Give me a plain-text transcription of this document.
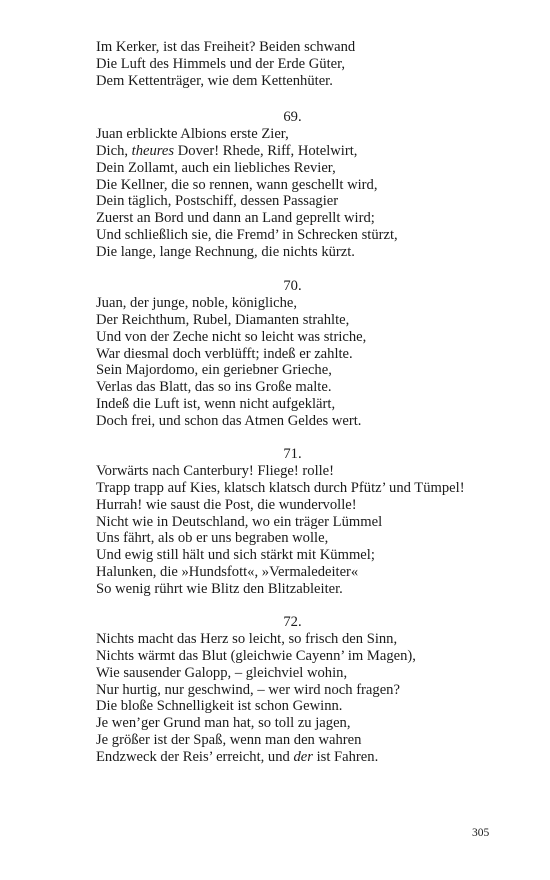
Im Kerker, ist das Freiheit? Beiden schwand
Die Luft des Himmels und der Erde Güter,
Dem Kettenträger, wie dem Kettenhüter.
69.
Juan erblickte Albions erste Zier,
Dich, theures Dover! Rhede, Riff, Hotelwirt,
Dein Zollamt, auch ein liebliches Revier,
Die Kellner, die so rennen, wann geschellt wird,
Dein täglich, Postschiff, dessen Passagier
Zuerst an Bord und dann an Land geprellt wird;
Und schließlich sie, die Fremd’ in Schrecken stürzt,
Die lange, lange Rechnung, die nichts kürzt.
70.
Juan, der junge, noble, königliche,
Der Reichthum, Rubel, Diamanten strahlte,
Und von der Zeche nicht so leicht was striche,
War diesmal doch verblüfft; indeß er zahlte.
Sein Majordomo, ein geriebner Grieche,
Verlas das Blatt, das so ins Große malte.
Indeß die Luft ist, wenn nicht aufgeklärt,
Doch frei, und schon das Atmen Geldes wert.
71.
Vorwärts nach Canterbury! Fliege! rolle!
Trapp trapp auf Kies, klatsch klatsch durch Pfütz’ und Tümpel!
Hurrah! wie saust die Post, die wundervolle!
Nicht wie in Deutschland, wo ein träger Lümmel
Uns fährt, als ob er uns begraben wolle,
Und ewig still hält und sich stärkt mit Kümmel;
Halunken, die »Hundsfott«, »Vermaledeiter«
So wenig rührt wie Blitz den Blitzableiter.
72.
Nichts macht das Herz so leicht, so frisch den Sinn,
Nichts wärmt das Blut (gleichwie Cayenn’ im Magen),
Wie sausender Galopp, – gleichviel wohin,
Nur hurtig, nur geschwind, – wer wird noch fragen?
Die bloße Schnelligkeit ist schon Gewinn.
Je wen’ger Grund man hat, so toll zu jagen,
Je größer ist der Spaß, wenn man den wahren
Endzweck der Reis’ erreicht, und der ist Fahren.
305
